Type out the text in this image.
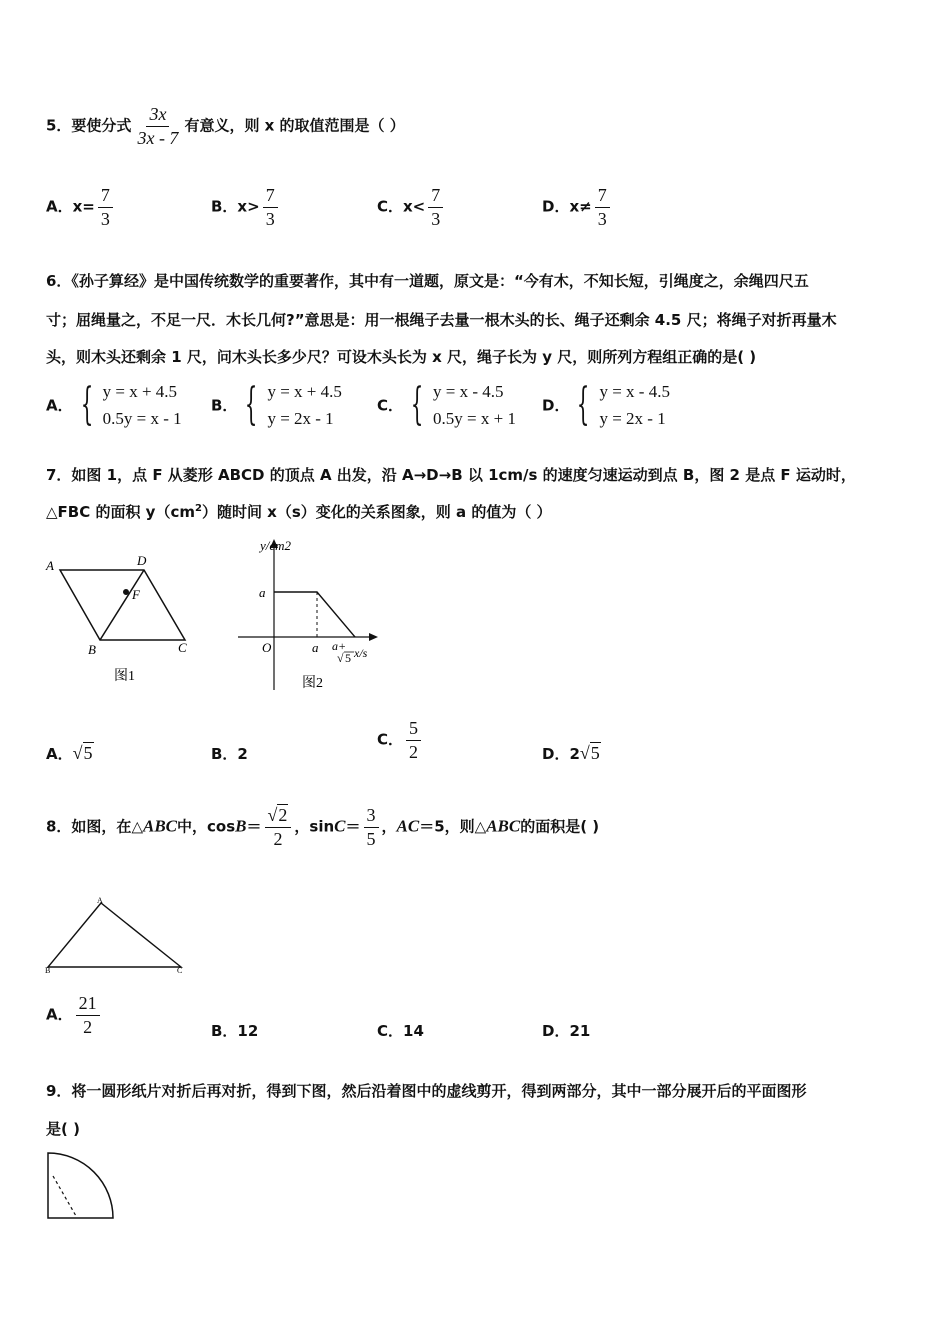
5．要使分式 $\frac{3x}{3x - 7}$ 有意义，则 x 的取值范围是（ ）
A．$x= \frac{7}{3}$	B．$x> \frac{7}{3}$	C．$x< \frac{7}{3}$	D．$x\ne \frac{7}{3}$
6．《孙子算经》是中国传统数学的重要著作，其中有一道题，原文是：“今有木，不知长短，引绳度之，余绳四尺五
寸；屈绳量之，不足一尺．木长几何?”意思是：用一根绳子去量一根木头的长、绳子还剩余 4.5 尺；将绳子对折再量木
头，则木头还剩余 1 尺，问木头长多少尺？可设木头长为 x 尺，绳子长为 y 尺，则所列方程组正确的是( )
A． { y = x + 4.5
0.5y = x - 1
B． { y = x + 4.5
y = 2x - 1
C． { y = x - 4.5
0.5y = x + 1
D． { y = x - 4.5
y = 2x - 1
7．如图 1，点 F 从菱形 ABCD 的顶点 A 出发，沿 A→D→B 以 1cm/s 的速度匀速运动到点 B，图 2 是点 F 运动时，
△FBC 的面积 $y(cm^2)$随时间 x（s）变化的关系图象，则 a 的值为（ ）
A	D
F
B	C
图1
y/cm2
a
O	a a+
√ 5 x/s
图2
A．√5	B．2
C． $\frac{5}{2}$	D．2√5
8．如图，在△ABC中，$\cos B= \frac{√2}{2}$ ，$\sin C= \frac{3}{5}$ ，AC＝5，则△ABC的面积是( )
A
B	C
A． $\frac{21}{2}$	B．12	C．14	D．21
9．将一圆形纸片对折后再对折，得到下图，然后沿着图中的虚线剪开，得到两部分，其中一部分展开后的平面图形
是( )
